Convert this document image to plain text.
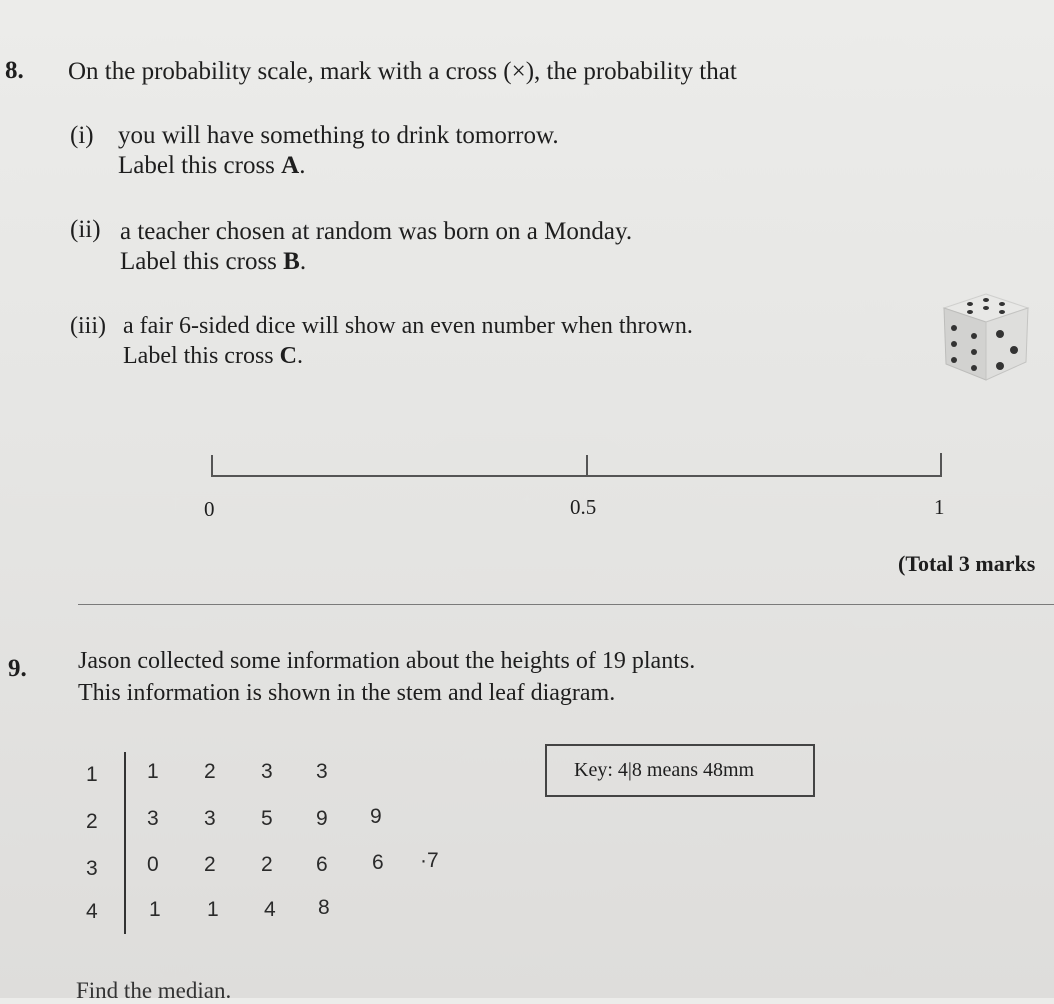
8. On the probability scale, mark with a cross (×), the probability that
(i) you will have something to drink tomorrow.
Label this cross A.
(ii) a teacher chosen at random was born on a Monday.
Label this cross B.
(iii) a fair 6-sided dice will show an even number when thrown.
Label this cross C.
0	0.5	1
(Total 3 marks
9. Jason collected some information about the heights of 19 plants.
This information is shown in the stem and leaf diagram.
1
2
3
4
1 2 3 3
3 3 5 9 9
0 2 2 6 6 ·7
1 1 4 8
Key: 4|8 means 48mm
Find the median.
